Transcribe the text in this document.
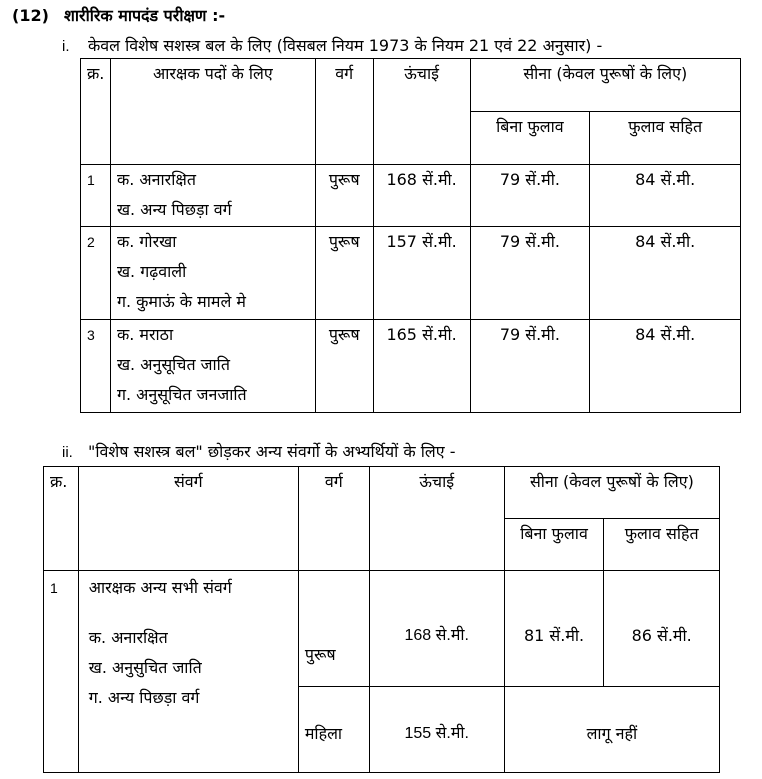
(12) शारीरिक मापदंड परीक्षण :-
i. केवल विशेष सशस्त्र बल के लिए (विसबल नियम 1973 के नियम 21 एवं 22 अनुसार) -
क्र.	आरक्षक पदों के लिए	वर्ग	ऊंचाई	सीना (केवल पुरूषों के लिए)	
				बिना फुलाव	फुलाव सहित
1	क. अनारक्षित
ख. अन्य पिछड़ा वर्ग	पुरूष	168 सें.मी.	79 सें.मी.	84 सें.मी.
2	क. गोरखा
ख. गढ़वाली
ग. कुमाऊं के मामले मे	पुरूष	157 सें.मी.	79 सें.मी.	84 सें.मी.
3	क. मराठा
ख. अनुसूचित जाति
ग. अनुसूचित जनजाति	पुरूष	165 सें.मी.	79 सें.मी.	84 सें.मी.
ii. "विशेष सशस्त्र बल" छोड़कर अन्य संवर्गो के अभ्यर्थियों के लिए -
क्र.	संवर्ग	वर्ग	ऊंचाई	सीना (केवल पुरूषों के लिए)	
				बिना फुलाव	फुलाव सहित
1	आरक्षक अन्य सभी संवर्ग
क. अनारक्षित
ख. अनुसुचित जाति
ग. अन्य पिछड़ा वर्ग	पुरूष	168 से.मी.	81 सें.मी.	86 सें.मी.
		महिला	155 से.मी.	लागू नहीं	
